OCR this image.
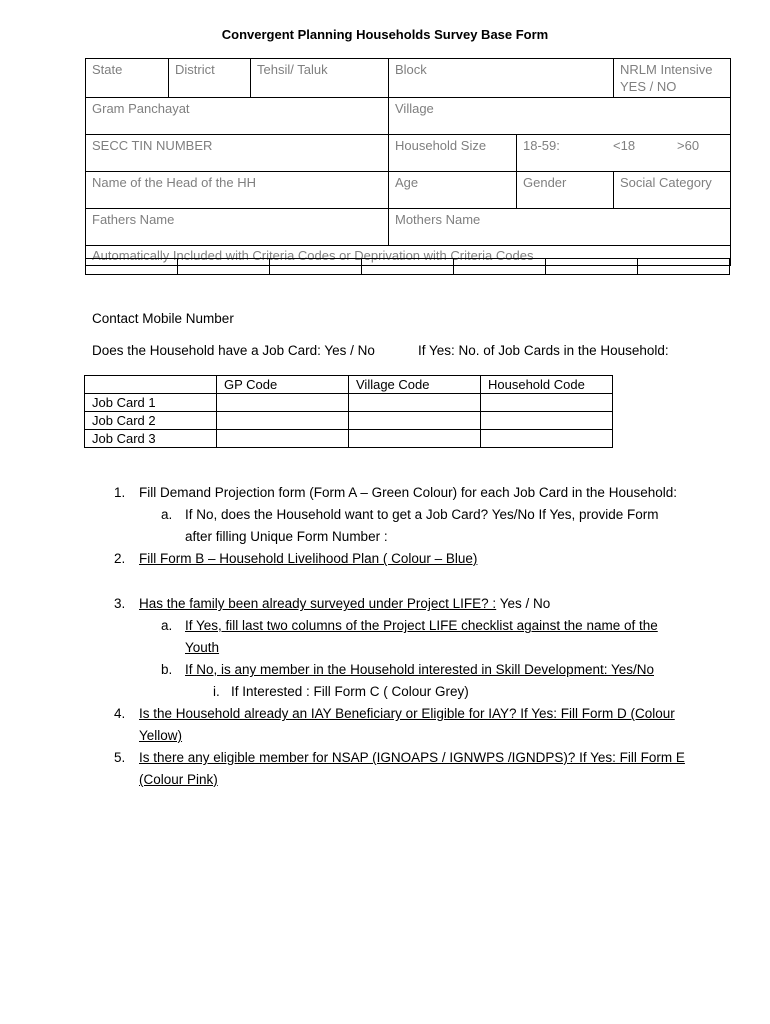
Convergent Planning Households Survey Base Form
State	District	Tehsil/ Taluk	Block		NRLM Intensive
YES / NO

Gram Panchayat			Village		
SECC TIN NUMBER			Household Size	18-59: <18 >60	
Name of the Head of the HH			Age	Gender	Social Category
Fathers Name			Mothers Name		
Automatically Included with Criteria Codes or Deprivation with Criteria Codes					

Contact Mobile Number
Does the Household have a Job Card: Yes / No	If Yes: No. of Job Cards in the Household:
	GP Code	Village Code	Household Code
Job Card 1			
Job Card 2			
Job Card 3			
1. Fill Demand Projection form (Form A – Green Colour) for each Job Card in the Household:
a. If No, does the Household want to get a Job Card? Yes/No If Yes, provide Form
after filling Unique Form Number :
2. Fill Form B – Household Livelihood Plan ( Colour – Blue)
3. Has the family been already surveyed under Project LIFE? : Yes / No
a. If Yes, fill last two columns of the Project LIFE checklist against the name of the
Youth
b. If No, is any member in the Household interested in Skill Development: Yes/No
i. If Interested : Fill Form C ( Colour Grey)
4. Is the Household already an IAY Beneficiary or Eligible for IAY? If Yes: Fill Form D (Colour
Yellow)
5. Is there any eligible member for NSAP (IGNOAPS / IGNWPS /IGNDPS)? If Yes: Fill Form E
(Colour Pink)
